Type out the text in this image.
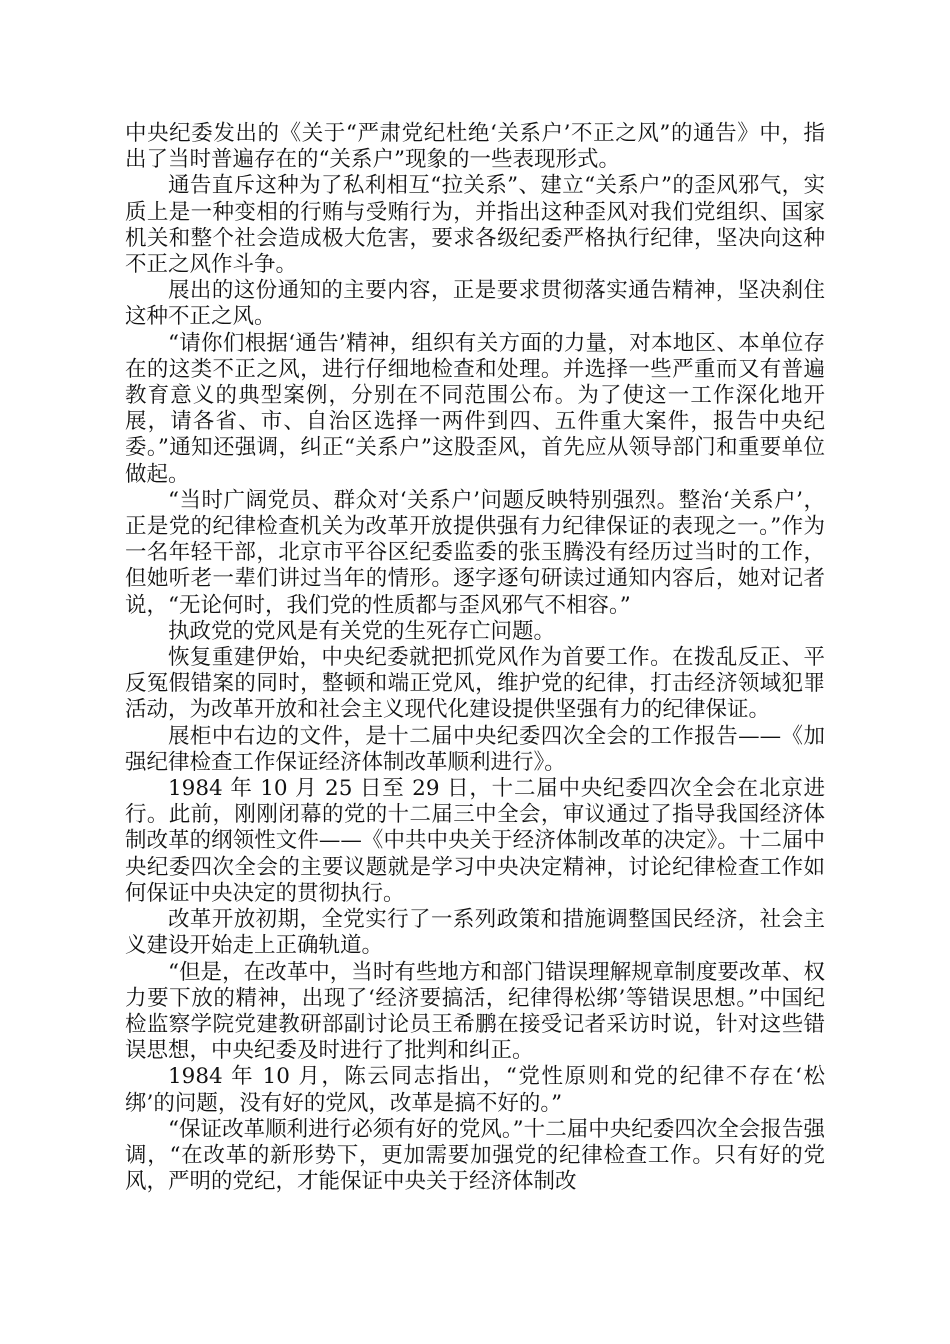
中央纪委发出的《关于“严肃党纪杜绝‘关系户’不正之风”的通告》中，指出了当时普遍存在的“关系户”现象的一些表现形式。

通告直斥这种为了私利相互“拉关系”、建立“关系户”的歪风邪气，实质上是一种变相的行贿与受贿行为，并指出这种歪风对我们党组织、国家机关和整个社会造成极大危害，要求各级纪委严格执行纪律，坚决向这种不正之风作斗争。

展出的这份通知的主要内容，正是要求贯彻落实通告精神，坚决刹住这种不正之风。

“请你们根据‘通告’精神，组织有关方面的力量，对本地区、本单位存在的这类不正之风，进行仔细地检查和处理。并选择一些严重而又有普遍教育意义的典型案例，分别在不同范围公布。为了使这一工作深化地开展，请各省、市、自治区选择一两件到四、五件重大案件，报告中央纪委。”通知还强调，纠正“关系户”这股歪风，首先应从领导部门和重要单位做起。

“当时广阔党员、群众对‘关系户’问题反映特别强烈。整治‘关系户’，正是党的纪律检查机关为改革开放提供强有力纪律保证的表现之一。”作为一名年轻干部，北京市平谷区纪委监委的张玉腾没有经历过当时的工作，但她听老一辈们讲过当年的情形。逐字逐句研读过通知内容后，她对记者说，“无论何时，我们党的性质都与歪风邪气不相容。”

执政党的党风是有关党的生死存亡问题。

恢复重建伊始，中央纪委就把抓党风作为首要工作。在拨乱反正、平反冤假错案的同时，整顿和端正党风，维护党的纪律，打击经济领域犯罪活动，为改革开放和社会主义现代化建设提供坚强有力的纪律保证。

展柜中右边的文件，是十二届中央纪委四次全会的工作报告——《加强纪律检查工作保证经济体制改革顺利进行》。

1984 年 10 月 25 日至 29 日，十二届中央纪委四次全会在北京进行。此前，刚刚闭幕的党的十二届三中全会，审议通过了指导我国经济体制改革的纲领性文件——《中共中央关于经济体制改革的决定》。十二届中央纪委四次全会的主要议题就是学习中央决定精神，讨论纪律检查工作如何保证中央决定的贯彻执行。

改革开放初期，全党实行了一系列政策和措施调整国民经济，社会主义建设开始走上正确轨道。

“但是，在改革中，当时有些地方和部门错误理解规章制度要改革、权力要下放的精神，出现了‘经济要搞活，纪律得松绑’等错误思想。”中国纪检监察学院党建教研部副讨论员王希鹏在接受记者采访时说，针对这些错误思想，中央纪委及时进行了批判和纠正。

1984 年 10 月，陈云同志指出，“党性原则和党的纪律不存在‘松绑’的问题，没有好的党风，改革是搞不好的。”

“保证改革顺利进行必须有好的党风。”十二届中央纪委四次全会报告强调，“在改革的新形势下，更加需要加强党的纪律检查工作。只有好的党风，严明的党纪，才能保证中央关于经济体制改
